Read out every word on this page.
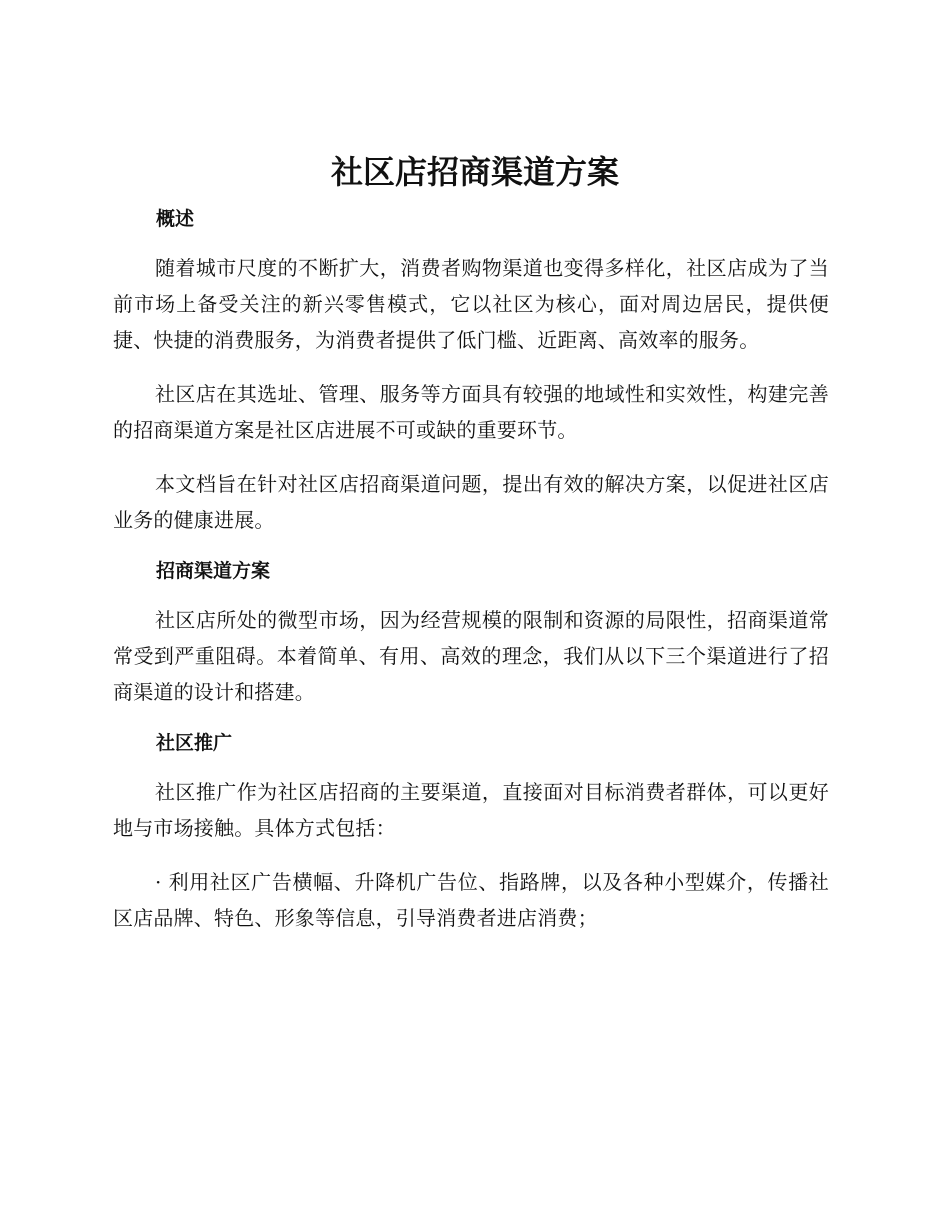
社区店招商渠道方案
概述

随着城市尺度的不断扩大，消费者购物渠道也变得多样化，社区店成为了当前市场上备受关注的新兴零售模式，它以社区为核心，面对周边居民，提供便捷、快捷的消费服务，为消费者提供了低门槛、近距离、高效率的服务。

社区店在其选址、管理、服务等方面具有较强的地域性和实效性，构建完善的招商渠道方案是社区店进展不可或缺的重要环节。

本文档旨在针对社区店招商渠道问题，提出有效的解决方案，以促进社区店业务的健康进展。

招商渠道方案

社区店所处的微型市场，因为经营规模的限制和资源的局限性，招商渠道常常受到严重阻碍。本着简单、有用、高效的理念，我们从以下三个渠道进行了招商渠道的设计和搭建。

社区推广

社区推广作为社区店招商的主要渠道，直接面对目标消费者群体，可以更好地与市场接触。具体方式包括：

· 利用社区广告横幅、升降机广告位、指路牌，以及各种小型媒介，传播社区店品牌、特色、形象等信息，引导消费者进店消费；
